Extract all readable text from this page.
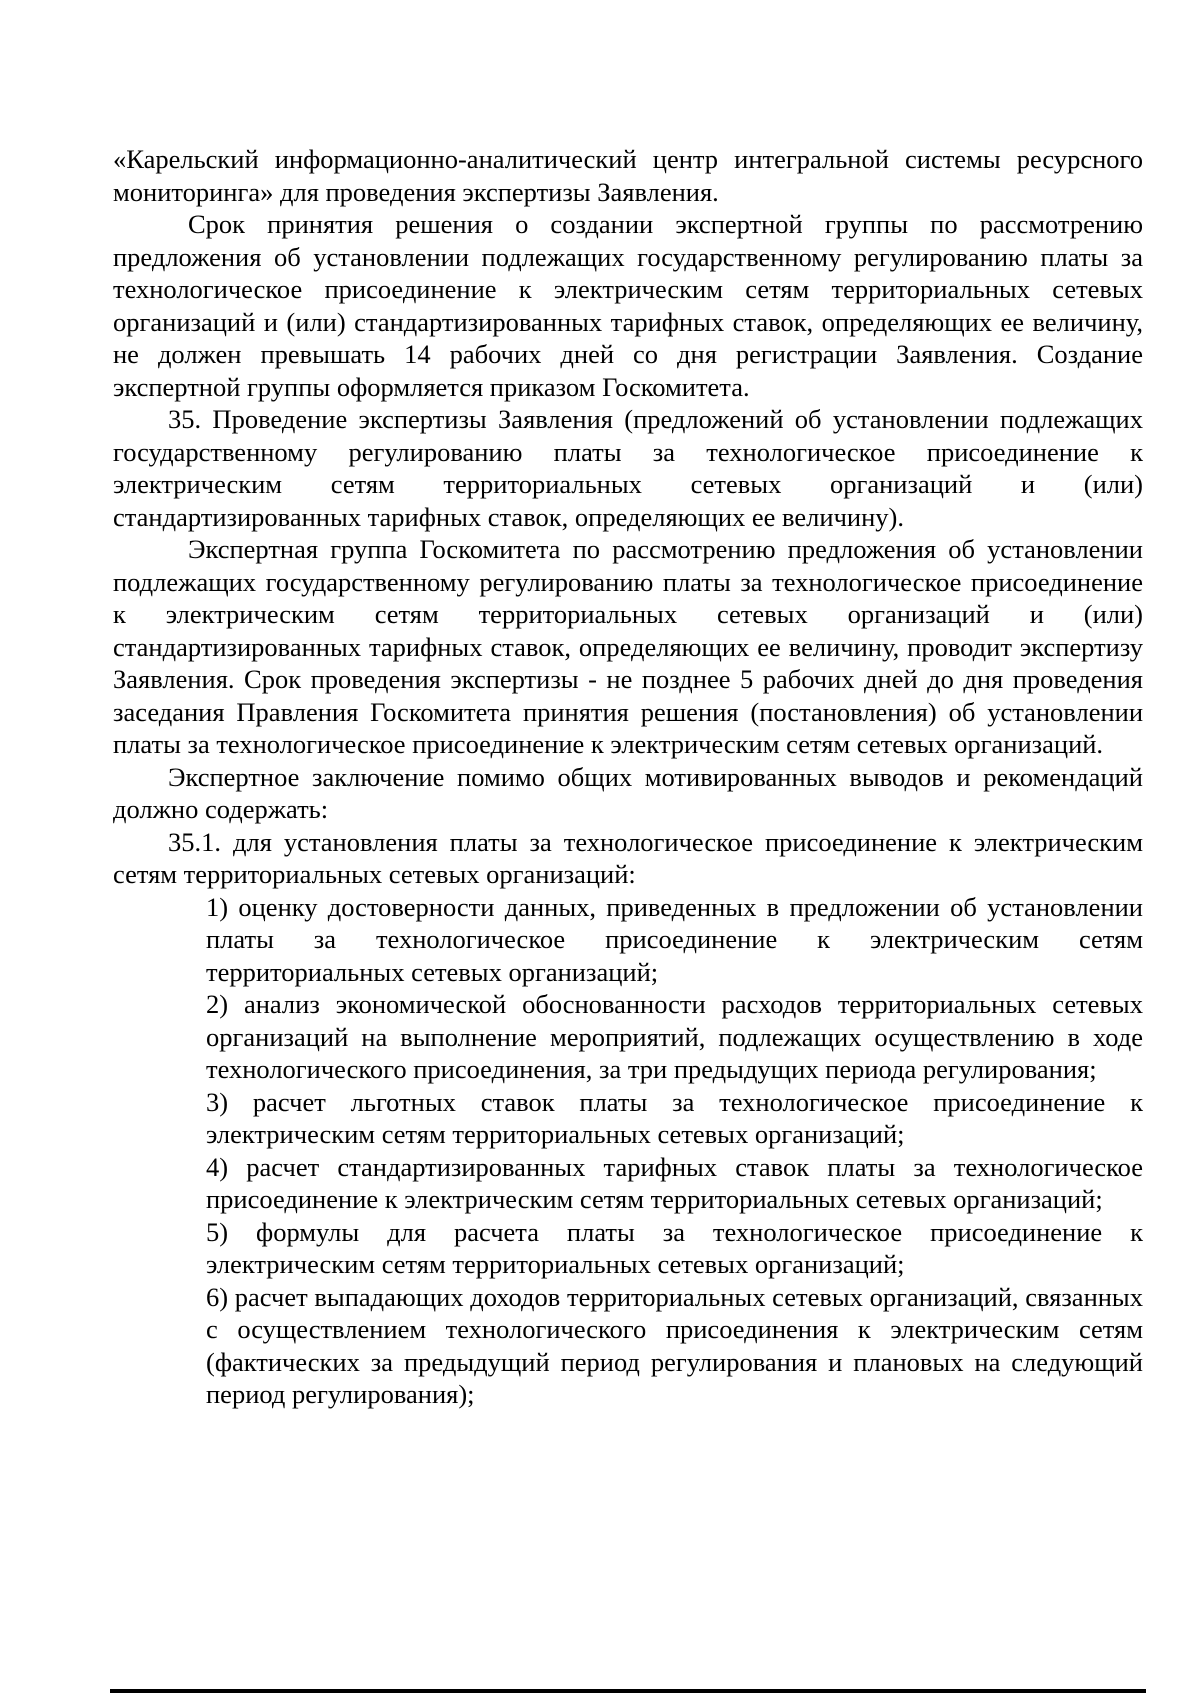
«Карельский информационно-аналитический центр интегральной системы ресурсного мониторинга» для проведения экспертизы Заявления.

Срок принятия решения о создании экспертной группы по рассмотрению предложения об установлении подлежащих государственному регулированию платы за технологическое присоединение к электрическим сетям территориальных сетевых организаций и (или) стандартизированных тарифных ставок, определяющих ее величину, не должен превышать 14 рабочих дней со дня регистрации Заявления. Создание экспертной группы оформляется приказом Госкомитета.

35. Проведение экспертизы Заявления (предложений об установлении подлежащих государственному регулированию платы за технологическое присоединение к электрическим сетям территориальных сетевых организаций и (или) стандартизированных тарифных ставок, определяющих ее величину).

Экспертная группа Госкомитета по рассмотрению предложения об установлении подлежащих государственному регулированию платы за технологическое присоединение к электрическим сетям территориальных сетевых организаций и (или) стандартизированных тарифных ставок, определяющих ее величину, проводит экспертизу Заявления. Срок проведения экспертизы - не позднее 5 рабочих дней до дня проведения заседания Правления Госкомитета принятия решения (постановления) об установлении платы за технологическое присоединение к электрическим сетям сетевых организаций.

Экспертное заключение помимо общих мотивированных выводов и рекомендаций должно содержать:

35.1. для установления платы за технологическое присоединение к электрическим сетям территориальных сетевых организаций:

1) оценку достоверности данных, приведенных в предложении об установлении платы за технологическое присоединение к электрическим сетям территориальных сетевых организаций;

2) анализ экономической обоснованности расходов территориальных сетевых организаций на выполнение мероприятий, подлежащих осуществлению в ходе технологического присоединения, за три предыдущих периода регулирования;

3) расчет льготных ставок платы за технологическое присоединение к электрическим сетям территориальных сетевых организаций;

4) расчет стандартизированных тарифных ставок платы за технологическое присоединение к электрическим сетям территориальных сетевых организаций;

5) формулы для расчета платы за технологическое присоединение к электрическим сетям территориальных сетевых организаций;

6) расчет выпадающих доходов территориальных сетевых организаций, связанных с осуществлением технологического присоединения к электрическим сетям (фактических за предыдущий период регулирования и плановых на следующий период регулирования);
